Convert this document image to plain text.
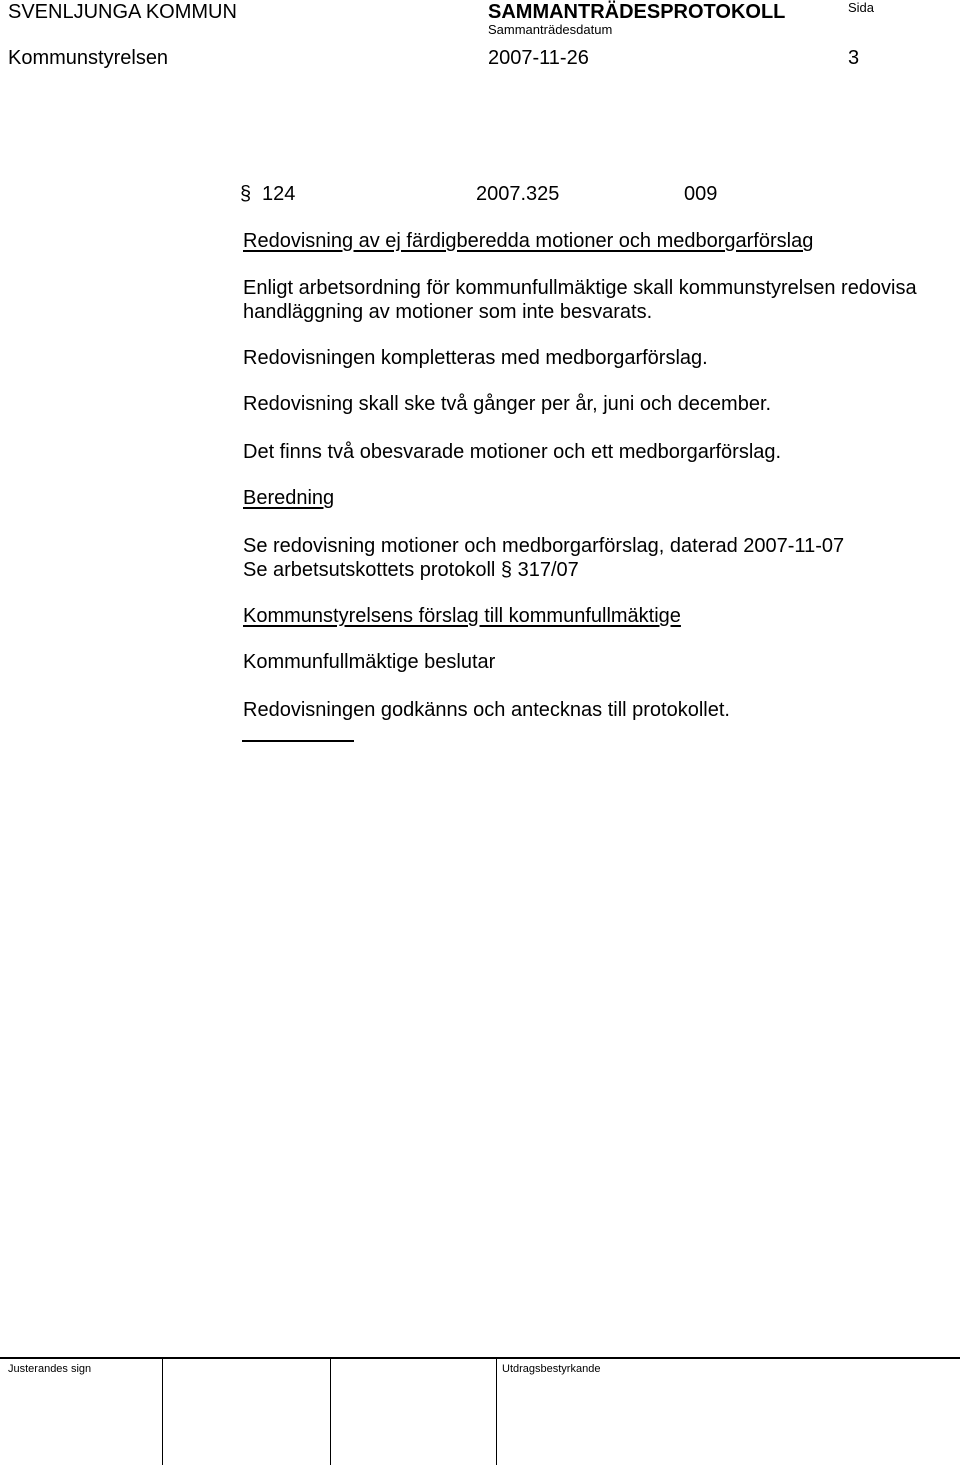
SVENLJUNGA KOMMUN	SAMMANTRÄDESPROTOKOLL
Sammanträdesdatum
Sida
Kommunstyrelsen	2007-11-26	3
§ 124	2007.325	009
Redovisning av ej färdigberedda motioner och medborgarförslag
Enligt arbetsordning för kommunfullmäktige skall kommunstyrelsen redovisa
handläggning av motioner som inte besvarats.
Redovisningen kompletteras med medborgarförslag.
Redovisning skall ske två gånger per år, juni och december.
Det finns två obesvarade motioner och ett medborgarförslag.
Beredning
Se redovisning motioner och medborgarförslag, daterad 2007-11-07
Se arbetsutskottets protokoll § 317/07
Kommunstyrelsens förslag till kommunfullmäktige
Kommunfullmäktige beslutar
Redovisningen godkänns och antecknas till protokollet.
Justerandes sign	Utdragsbestyrkande
